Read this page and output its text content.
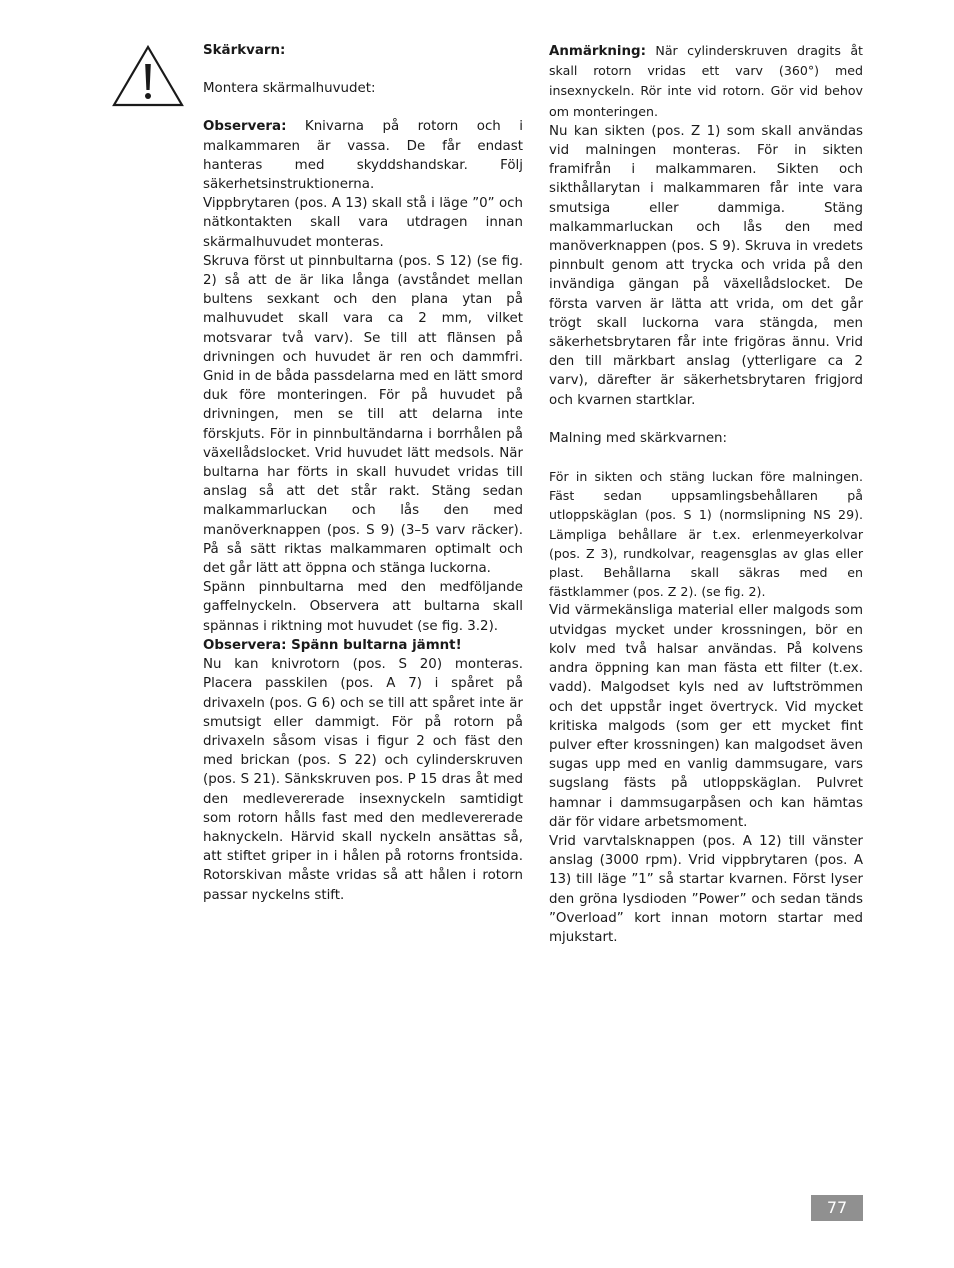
Skärkvarn:

Montera skärmalhuvudet:

Observera: Knivarna på rotorn och i malkammaren är vassa. De får endast hanteras med skyddshandskar. Följ säkerhetsinstruktionerna.

Vippbrytaren (pos. A 13) skall stå i läge ”0” och nätkontakten skall vara utdragen innan skärmalhuvudet monteras.

Skruva först ut pinnbultarna (pos. S 12) (se fig. 2) så att de är lika långa (avståndet mellan bultens sexkant och den plana ytan på malhuvudet skall vara ca 2 mm, vilket motsvarar två varv). Se till att flänsen på drivningen och huvudet är ren och dammfri. Gnid in de båda passdelarna med en lätt smord duk före monteringen. För på huvudet på drivningen, men se till att delarna inte förskjuts. För in pinnbultändarna i borrhålen på växellådslocket. Vrid huvudet lätt medsols. När bultarna har förts in skall huvudet vridas till anslag så att det står rakt. Stäng sedan malkammarluckan och lås den med manöverknappen (pos. S 9) (3–5 varv räcker). På så sätt riktas malkammaren optimalt och det går lätt att öppna och stänga luckorna.

Spänn pinnbultarna med den medföljande gaffelnyckeln. Observera att bultarna skall spännas i riktning mot huvudet (se fig. 3.2).

Observera: Spänn bultarna jämnt!

Nu kan knivrotorn (pos. S 20) monteras. Placera passkilen (pos. A 7) i spåret på drivaxeln (pos. G 6) och se till att spåret inte är smutsigt eller dammigt. För på rotorn på drivaxeln såsom visas i figur 2 och fäst den med brickan (pos. S 22) och cylinderskruven (pos. S 21). Sänkskruven pos. P 15 dras åt med den medlevererade insexnyckeln samtidigt som rotorn hålls fast med den medlevererade haknyckeln. Härvid skall nyckeln ansättas så, att stiftet griper in i hålen på rotorns frontsida. Rotorskivan måste vridas så att hålen i rotorn passar nyckelns stift.

Anmärkning: När cylinderskruven dragits åt skall rotorn vridas ett varv (360°) med insexnyckeln. Rör inte vid rotorn. Gör vid behov om monteringen.

Nu kan sikten (pos. Z 1) som skall användas vid malningen monteras. För in sikten framifrån i malkammaren. Sikten och sikthållarytan i malkammaren får inte vara smutsiga eller dammiga. Stäng malkammarluckan och lås den med manöverknappen (pos. S 9). Skruva in vredets pinnbult genom att trycka och vrida på den invändiga gängan på växellådslocket. De första varven är lätta att vrida, om det går trögt skall luckorna vara stängda, men säkerhetsbrytaren får inte frigöras ännu. Vrid den till märkbart anslag (ytterligare ca 2 varv), därefter är säkerhetsbrytaren frigjord och kvarnen startklar.

Malning med skärkvarnen:

För in sikten och stäng luckan före malningen. Fäst sedan uppsamlingsbehållaren på utloppskäglan (pos. S 1) (normslipning NS 29). Lämpliga behållare är t.ex. erlenmeyerkolvar (pos. Z 3), rundkolvar, reagensglas av glas eller plast. Behållarna skall säkras med en fästklammer (pos. Z 2). (se fig. 2).

Vid värmekänsliga material eller malgods som utvidgas mycket under krossningen, bör en kolv med två halsar användas. På kolvens andra öppning kan man fästa ett filter (t.ex. vadd). Malgodset kyls ned av luftströmmen och det uppstår inget övertryck. Vid mycket kritiska malgods (som ger ett mycket fint pulver efter krossningen) kan malgodset även sugas upp med en vanlig dammsugare, vars sugslang fästs på utloppskäglan. Pulvret hamnar i dammsugarpåsen och kan hämtas där för vidare arbetsmoment.

Vrid varvtalsknappen (pos. A 12) till vänster anslag (3000 rpm). Vrid vippbrytaren (pos. A 13) till läge ”1” så startar kvarnen. Först lyser den gröna lysdioden ”Power” och sedan tänds ”Overload” kort innan motorn startar med mjukstart.

77
